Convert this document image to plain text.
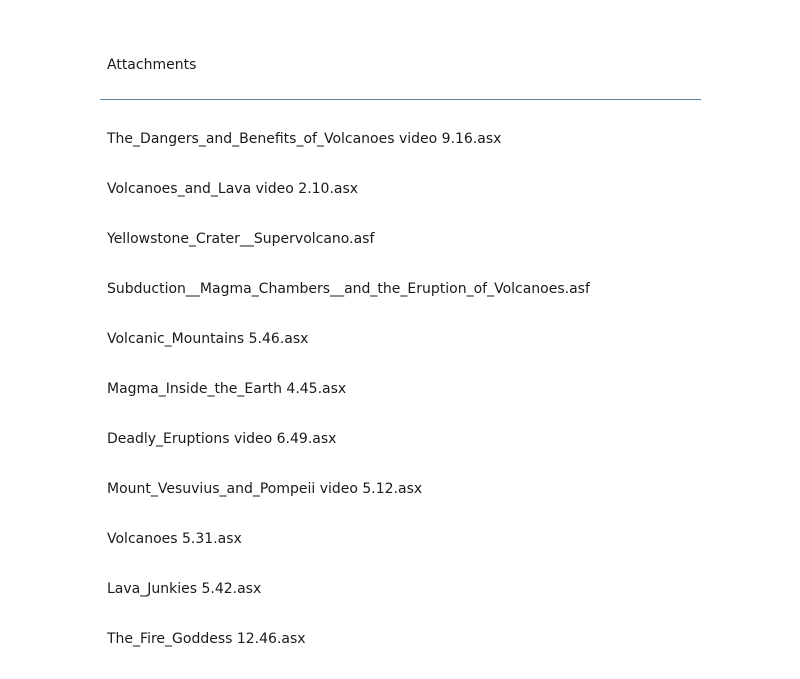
Attachments
The_Dangers_and_Benefits_of_Volcanoes video 9.16.asx
Volcanoes_and_Lava video 2.10.asx
Yellowstone_Crater__Supervolcano.asf
Subduction__Magma_Chambers__and_the_Eruption_of_Volcanoes.asf
Volcanic_Mountains 5.46.asx
Magma_Inside_the_Earth 4.45.asx
Deadly_Eruptions video 6.49.asx
Mount_Vesuvius_and_Pompeii video 5.12.asx
Volcanoes 5.31.asx
Lava_Junkies 5.42.asx
The_Fire_Goddess 12.46.asx
